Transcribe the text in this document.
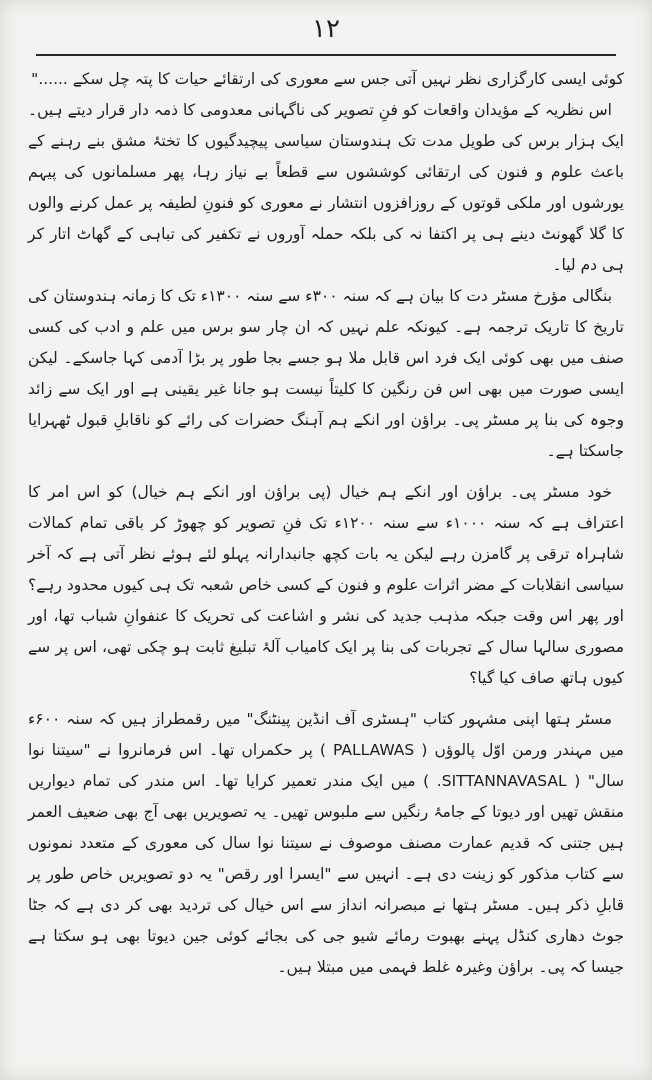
۱۲

کوئی ایسی کارگزاری نظر نہیں آتی جس سے معوری کی ارتقائے حیات کا پتہ چل سکے ......"

اس نظریہ کے مؤیدان واقعات کو فنِ تصویر کی ناگہانی معدومی کا ذمہ دار قرار دیتے ہیں۔

ایک ہزار برس کی طویل مدت تک ہندوستان سیاسی پیچیدگیوں کا تختۂ مشق بنے رہنے کے باعث علوم و فنون کی ارتقائی کوششوں سے قطعاً بے نیاز رہا، پھر مسلمانوں کی پیہم یورشوں اور ملکی قوتوں کے روزافزوں انتشار نے معوری کو فنونِ لطیفہ پر عمل کرنے والوں کا گلا گھونٹ دینے ہی پر اکتفا نہ کی بلکہ حملہ آوروں نے تکفیر کی تباہی کے گھاٹ اتار کر ہی دم لیا۔

بنگالی مؤرخ مسٹر دت کا بیان ہے کہ سنہ ۳۰۰ء سے سنہ ۱۳۰۰ء تک کا زمانہ ہندوستان کی تاریخ کا تاریک ترجمہ ہے۔ کیونکہ علم نہیں کہ ان چار سو برس میں علم و ادب کی کسی صنف میں بھی کوئی ایک فرد اس قابل ملا ہو جسے بجا طور پر بڑا آدمی کہا جاسکے۔ لیکن ایسی صورت میں بھی اس فن رنگین کا کلیتاً نیست ہو جانا غیر یقینی ہے اور ایک سے زائد وجوہ کی بنا پر مسٹر پی۔ براؤن اور انکے ہم آہنگ حضرات کی رائے کو ناقابلِ قبول ٹھہرایا جاسکتا ہے۔

خود مسٹر پی۔ براؤن اور انکے ہم خیال (پی براؤن اور انکے ہم خیال) کو اس امر کا اعتراف ہے کہ سنہ ۱۰۰۰ء سے سنہ ۱۲۰۰ء تک فنِ تصویر کو چھوڑ کر باقی تمام کمالات شاہراہ ترقی پر گامزن رہے لیکن یہ بات کچھ جانبدارانہ پہلو لئے ہوئے نظر آتی ہے کہ آخر سیاسی انقلابات کے مضر اثرات علوم و فنون کے کسی خاص شعبہ تک ہی کیوں محدود رہے؟ اور پھر اس وقت جبکہ مذہب جدید کی نشر و اشاعت کی تحریک کا عنفوانِ شباب تھا، اور مصوری سالہا سال کے تجربات کی بنا پر ایک کامیاب آلۂ تبلیغ ثابت ہو چکی تھی، اس پر سے کیوں ہاتھ صاف کیا گیا؟

مسٹر ہتھا اپنی مشہور کتاب "ہسٹری آف انڈین پینٹنگ" میں رقمطراز ہیں کہ سنہ ۶۰۰ء میں مہندر ورمن اوّل پالوؤں ( PALLAWAS ) پر حکمراں تھا۔ اس فرمانروا نے "سیتنا نوا سال" ( SITTANNAVASAL. ) میں ایک مندر تعمیر کرایا تھا۔ اس مندر کی تمام دیواریں منقش تھیں اور دیوتا کے جامۂ رنگیں سے ملبوس تھیں۔ یہ تصویریں بھی آج بھی ضعیف العمر ہیں جتنی کہ قدیم عمارت مصنف موصوف نے سیتنا نوا سال کی معوری کے متعدد نمونوں سے کتاب مذکور کو زینت دی ہے۔ انہیں سے "ایسرا اور رقص" یہ دو تصویریں خاص طور پر قابلِ ذکر ہیں۔ مسٹر ہتھا نے مبصرانہ انداز سے اس خیال کی تردید بھی کر دی ہے کہ جٹا جوٹ دھاری کنڈل پہنے بھبوت رمائے شیو جی کی بجائے کوئی جین دیوتا بھی ہو سکتا ہے جیسا کہ پی۔ براؤن وغیرہ غلط فہمی میں مبتلا ہیں۔
